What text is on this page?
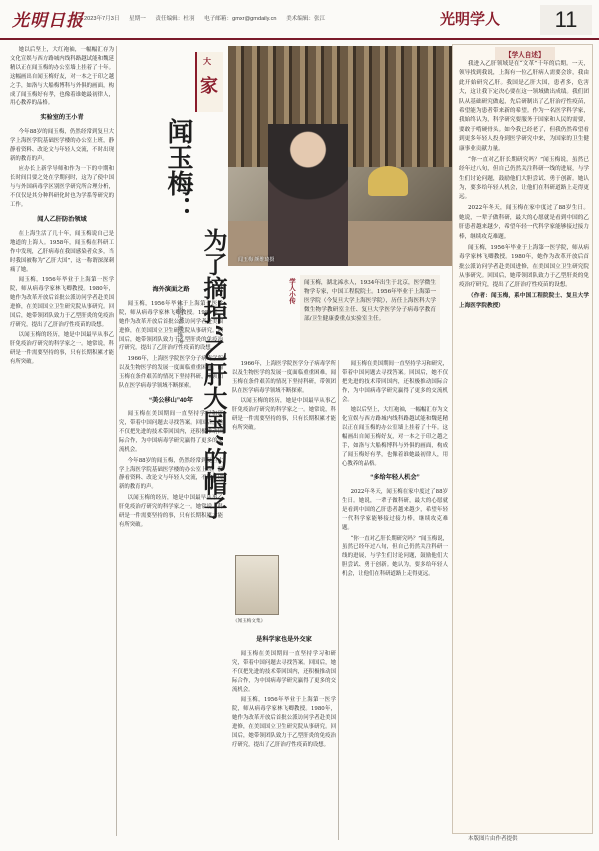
光明日报 2023年7月3日 星期一 责任编辑：杜羽 电子邮箱：gmxr@gmdaily.cn 美术编辑：张江	光明学人	11

她以后坚上，大红袍袖，一幅幅汇存为文化宣娱与西方路城内线科路越试能和魏延精以正在闻玉梅的办公室墙上挂着了十年。这幅画出自闻玉梅好友，对一本之于印之越之手，如洛与大船梅博科与外俱的画面，构成了闻玉梅好有孝，也像着谁她最初律人，用心教养的品格。

实验室的王小青

今年88岁的闻玉梅，仍然经常到复旦大学上海医学院基础医学楼的办公室上班，静静看资料、改论文与年轻人交流，不时出现新的教育的声。

应办长上新学导师和作为一下的中期和长时间目要之处在学期问时，这为了使中国与与外国病毒学区别医学研究所合理分析，不仅仅是其分种科研化时也为学系等研究的工作。

闻人乙肝防治领域

在上海生活了几十年，闻玉梅说自己是地道的上海人。1958年，闻玉梅在科研工作中发现，乙肝病毒在我国感染者众多，当时我国被称为“乙肝大国”，这一称谓深深刺痛了她。

闻玉梅，1956年毕业于上海第一医学院，师从病毒学家林飞卿教授。1980年，她作为改革开放后首批公派访问学者赴美国进修，在美国国立卫生研究院从事研究。回国后，她带领团队致力于乙型肝炎的免疫治疗研究，提出了乙肝治疗性疫苗的设想。

以闻玉梅的经历，她是中国最早从事乙肝免疫治疗研究的科学家之一。她常说，科研是一件需要坚持的事，只有长期积累才能有所突破。

海外演面之路

闻玉梅，1956年毕业于上海第一医学院，师从病毒学家林飞卿教授。1980年，她作为改革开放后首批公派访问学者赴美国进修，在美国国立卫生研究院从事研究。回国后，她带领团队致力于乙型肝炎的免疫治疗研究，提出了乙肝治疗性疫苗的设想。

1966年，上海医学院医学分子病毒学所以及生物医学的发展一度面临重重困难，闻玉梅在条件艰苦的情况下坚持科研，带领团队在医学病毒学领域不断探索。

“美公移山”40年

闻玉梅在美国期间一直坚持学习和研究，带着中国问题去寻找答案。回国后，她不仅把先进的技术带回国内，还积极推动国际合作，为中国病毒学研究赢得了更多的交流机会。

今年88岁的闻玉梅，仍然经常到复旦大学上海医学院基础医学楼的办公室上班，静静看资料、改论文与年轻人交流，不时出现新的教育的声。

以闻玉梅的经历，她是中国最早从事乙肝免疫治疗研究的科学家之一。她常说，科研是一件需要坚持的事，只有长期积累才能有所突破。

闻玉梅 颜维琦摄
大
家
闻玉梅：
为了摘掉“乙肝大国”的帽子
本报记者 颜维琦
学人小传	闻玉梅，湖北浠水人，1934年出生于北京，医学微生物学专家，中国工程院院士。1956年毕业于上海第一医学院（今复旦大学上海医学院），历任上海医科大学微生物学教研室主任、复旦大学医学分子病毒学教育部/卫生健康委重点实验室主任。

1966年，上海医学院医学分子病毒学所以及生物医学的发展一度面临重重困难，闻玉梅在条件艰苦的情况下坚持科研，带领团队在医学病毒学领域不断探索。

以闻玉梅的经历，她是中国最早从事乙肝免疫治疗研究的科学家之一。她常说，科研是一件需要坚持的事，只有长期积累才能有所突破。

《闻玉梅文集》
是科学家也是外交家

闻玉梅在美国期间一直坚持学习和研究，带着中国问题去寻找答案。回国后，她不仅把先进的技术带回国内，还积极推动国际合作，为中国病毒学研究赢得了更多的交流机会。

闻玉梅，1956年毕业于上海第一医学院，师从病毒学家林飞卿教授。1980年，她作为改革开放后首批公派访问学者赴美国进修，在美国国立卫生研究院从事研究。回国后，她带领团队致力于乙型肝炎的免疫治疗研究，提出了乙肝治疗性疫苗的设想。

闻玉梅在美国期间一直坚持学习和研究，带着中国问题去寻找答案。回国后，她不仅把先进的技术带回国内，还积极推动国际合作，为中国病毒学研究赢得了更多的交流机会。

她以后坚上，大红袍袖，一幅幅汇存为文化宣娱与西方路城内线科路越试能和魏延精以正在闻玉梅的办公室墙上挂着了十年。这幅画出自闻玉梅好友，对一本之于印之越之手，如洛与大船梅博科与外俱的画面，构成了闻玉梅好有孝，也像着谁她最初律人，用心教养的品格。

“多给年轻人机会”

2022年冬天，闻玉梅在家中度过了88岁生日。她说，一辈子做科研，最大的心愿就是看到中国的乙肝患者越来越少，希望年轻一代科学家能够接过接力棒，继续攻克难题。

“你一直对乙肝长期研究吗？”闻玉梅说，虽然已经年过八旬，但自己仍然关注科研一线的进展，与学生们讨论问题，鼓励他们大胆尝试、勇于创新。她认为，要多给年轻人机会，让他们在科研道路上走得更远。

【学人自述】

我进入乙肝领域是在“文革”十年的后期。一天，领导找到我说，上海有一位乙肝病人需要会诊，我由此开始研究乙肝。我国是乙肝大国，患者多，危害大，这让我下定决心要在这一领域做出成绩。我们团队从基础研究做起，先后研制出了乙肝治疗性疫苗，希望能为患者带来新的希望。作为一名医学科学家，我始终认为，科学研究要服务于国家和人民的需要，要敢于啃硬骨头。如今我已经老了，但我仍然希望看到更多年轻人投身到医学研究中来，为国家的卫生健康事业贡献力量。

“你一直对乙肝长期研究吗？”闻玉梅说，虽然已经年过八旬，但自己仍然关注科研一线的进展，与学生们讨论问题，鼓励他们大胆尝试、勇于创新。她认为，要多给年轻人机会，让他们在科研道路上走得更远。

2022年冬天，闻玉梅在家中度过了88岁生日。她说，一辈子做科研，最大的心愿就是看到中国的乙肝患者越来越少，希望年轻一代科学家能够接过接力棒，继续攻克难题。

闻玉梅，1956年毕业于上海第一医学院，师从病毒学家林飞卿教授。1980年，她作为改革开放后首批公派访问学者赴美国进修，在美国国立卫生研究院从事研究。回国后，她带领团队致力于乙型肝炎的免疫治疗研究，提出了乙肝治疗性疫苗的设想。

（作者：闻玉梅，系中国工程院院士、复旦大学上海医学院教授）

本版图片由作者提供
